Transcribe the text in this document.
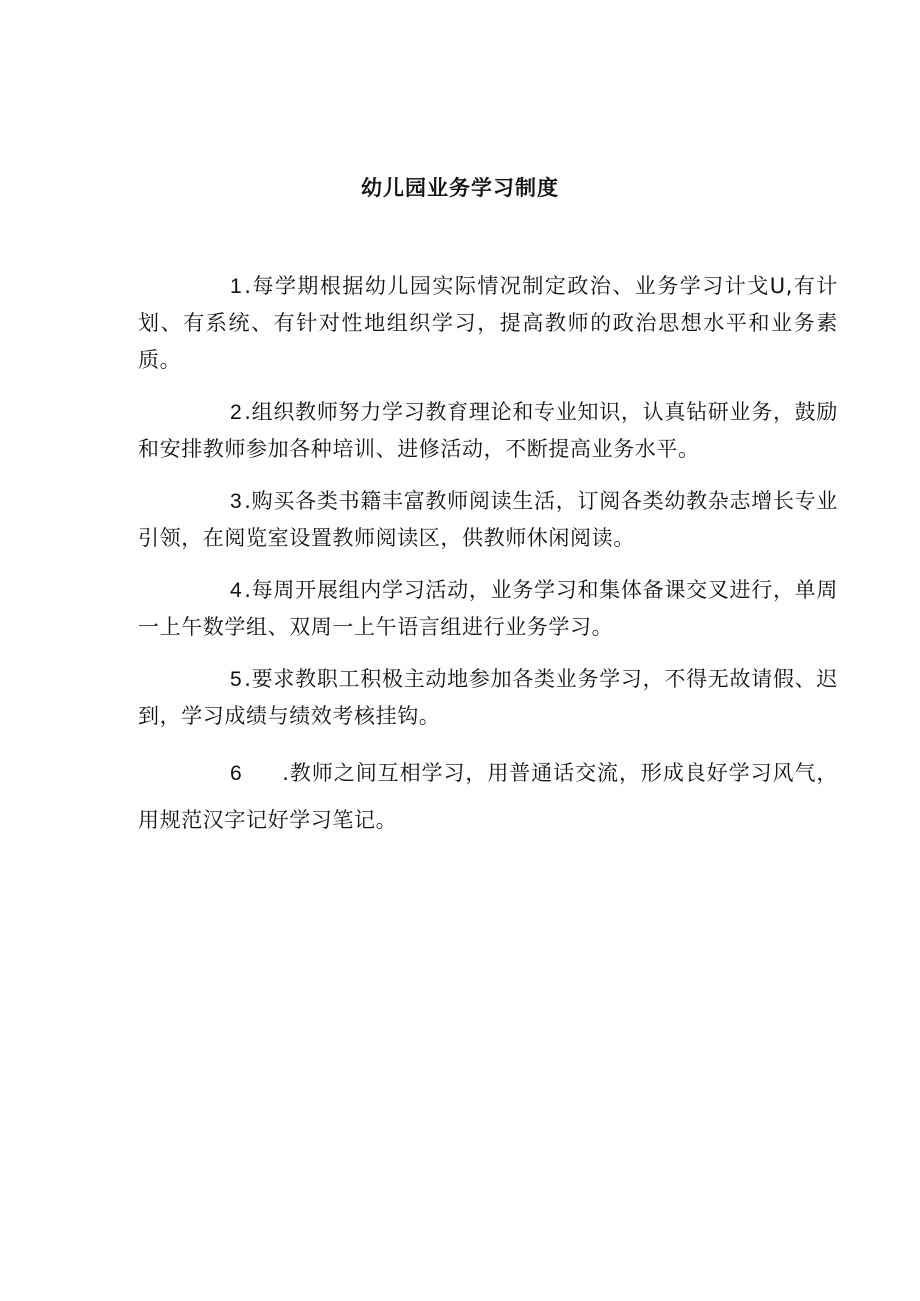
幼儿园业务学习制度

1.每学期根据幼儿园实际情况制定政治、业务学习计戈U,有计划、有系统、有针对性地组织学习，提高教师的政治思想水平和业务素质。

2.组织教师努力学习教育理论和专业知识，认真钻研业务，鼓励和安排教师参加各种培训、进修活动，不断提高业务水平。

3.购买各类书籍丰富教师阅读生活，订阅各类幼教杂志增长专业引领，在阅览室设置教师阅读区，供教师休闲阅读。

4.每周开展组内学习活动，业务学习和集体备课交叉进行，单周一上午数学组、双周一上午语言组进行业务学习。

5.要求教职工积极主动地参加各类业务学习，不得无故请假、迟到，学习成绩与绩效考核挂钩。

6 .教师之间互相学习，用普通话交流，形成良好学习风气，用规范汉字记好学习笔记。
